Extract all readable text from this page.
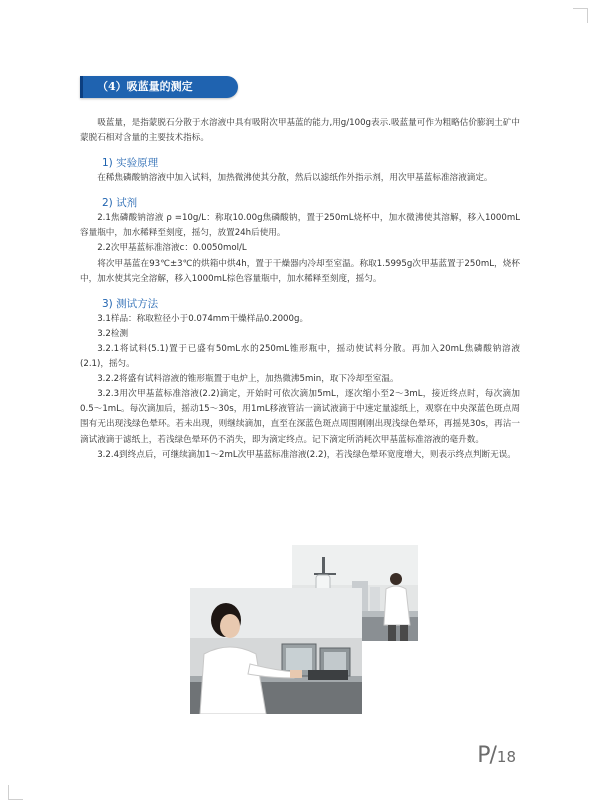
（4）吸蓝量的测定

吸蓝量，是指蒙脱石分散于水溶液中具有吸附次甲基蓝的能力,用g/100g表示.吸蓝量可作为粗略估价膨润土矿中蒙脱石相对含量的主要技术指标。

1) 实验原理

在稀焦磷酸钠溶液中加入试料，加热微沸使其分散，然后以滤纸作外指示剂，用次甲基蓝标准溶液滴定。

2) 试剂

2.1焦磷酸钠溶液 ρ =10g/L：称取10.00g焦磷酸钠，置于250mL烧杯中，加水微沸使其溶解，移入1000mL容量瓶中，加水稀释至刻度，摇匀，放置24h后使用。

2.2次甲基蓝标准溶液c：0.0050mol/L

将次甲基蓝在93℃±3℃的烘箱中烘4h，置于干燥器内冷却至室温。称取1.5995g次甲基蓝置于250mL，烧杯中，加水使其完全溶解，移入1000mL棕色容量瓶中，加水稀释至刻度，摇匀。

3) 测试方法

3.1样品：称取粒径小于0.074mm干燥样品0.2000g。

3.2检测

3.2.1将试料(5.1)置于已盛有50mL水的250mL锥形瓶中，摇动使试料分散。再加入20mL焦磷酸钠溶液(2.1)，摇匀。

3.2.2将盛有试料溶液的锥形瓶置于电炉上，加热微沸5min，取下冷却至室温。

3.2.3用次甲基蓝标准溶液(2.2)滴定，开始时可依次滴加5mL，逐次缩小至2～3mL，接近终点时，每次滴加0.5～1mL。每次滴加后，摇动15～30s，用1mL移液管沾一滴试液滴于中速定量滤纸上，观察在中央深蓝色斑点周围有无出现浅绿色晕环。若未出现，则继续滴加，直至在深蓝色斑点周围刚刚出现浅绿色晕环，再摇晃30s，再沾一滴试液滴于滤纸上，若浅绿色晕环仍不消失，即为滴定终点。记下滴定所消耗次甲基蓝标准溶液的毫升数。

3.2.4到终点后，可继续滴加1～2mL次甲基蓝标准溶液(2.2)，若浅绿色晕环宽度增大，则表示终点判断无误。

P/18
